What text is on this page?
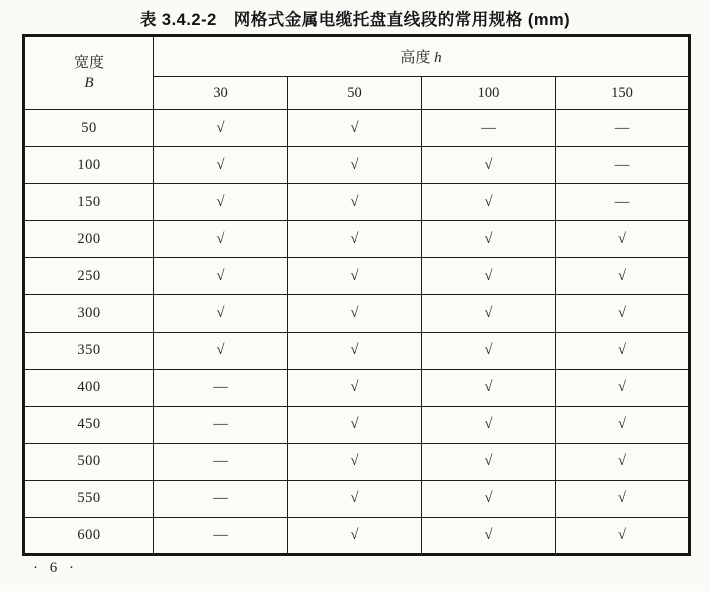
表 3.4.2-2　网格式金属电缆托盘直线段的常用规格 (mm)
宽度
B	高度 h			
	30	50	100	150
50	√	√	—	—
100	√	√	√	—
150	√	√	√	—
200	√	√	√	√
250	√	√	√	√
300	√	√	√	√
350	√	√	√	√
400	—	√	√	√
450	—	√	√	√
500	—	√	√	√
550	—	√	√	√
600	—	√	√	√
· 6 ·
